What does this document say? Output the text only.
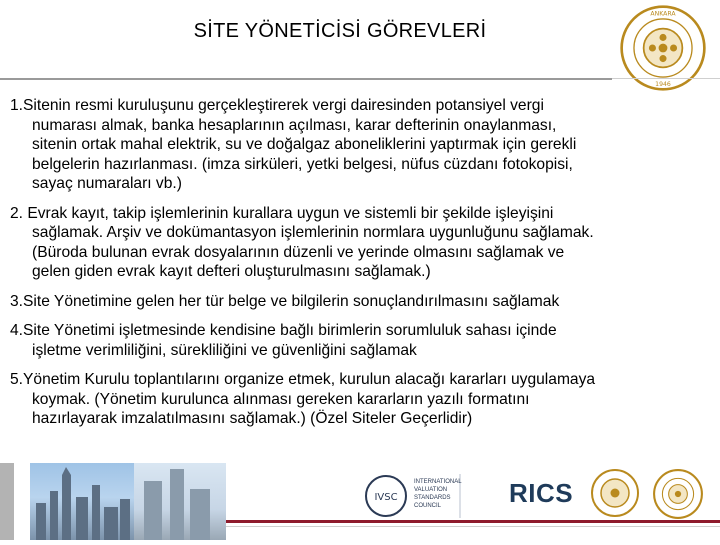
SİTE YÖNETİCİSİ GÖREVLERİ
ANKARA
1946

1.Sitenin resmi kuruluşunu gerçekleştirerek vergi dairesinden potansiyel vergi

numarası almak, banka hesaplarının açılması, karar defterinin onaylanması,

sitenin ortak mahal elektrik, su ve doğalgaz aboneliklerini yaptırmak için gerekli

belgelerin hazırlanması. (imza sirküleri, yetki belgesi, nüfus cüzdanı fotokopisi,

sayaç numaraları vb.)

2. Evrak kayıt, takip işlemlerinin kurallara uygun ve sistemli bir şekilde işleyişini

sağlamak. Arşiv ve dokümantasyon işlemlerinin normlara uygunluğunu sağlamak.

(Büroda bulunan evrak dosyalarının düzenli ve yerinde olmasını sağlamak ve

gelen giden evrak kayıt defteri oluşturulmasını sağlamak.)

3.Site Yönetimine gelen her tür belge ve bilgilerin sonuçlandırılmasını sağlamak

4.Site Yönetimi işletmesinde kendisine bağlı birimlerin sorumluluk sahası içinde

işletme verimliliğini, sürekliliğini ve güvenliğini sağlamak

5.Yönetim Kurulu toplantılarını organize etmek, kurulun alacağı kararları uygulamaya

koymak. (Yönetim kurulunca alınması gereken kararların yazılı formatını

hazırlayarak imzalatılmasını sağlamak.) (Özel Siteler Geçerlidir)

IVSC
INTERNATIONAL
VALUATION
STANDARDS
COUNCIL	RICS
